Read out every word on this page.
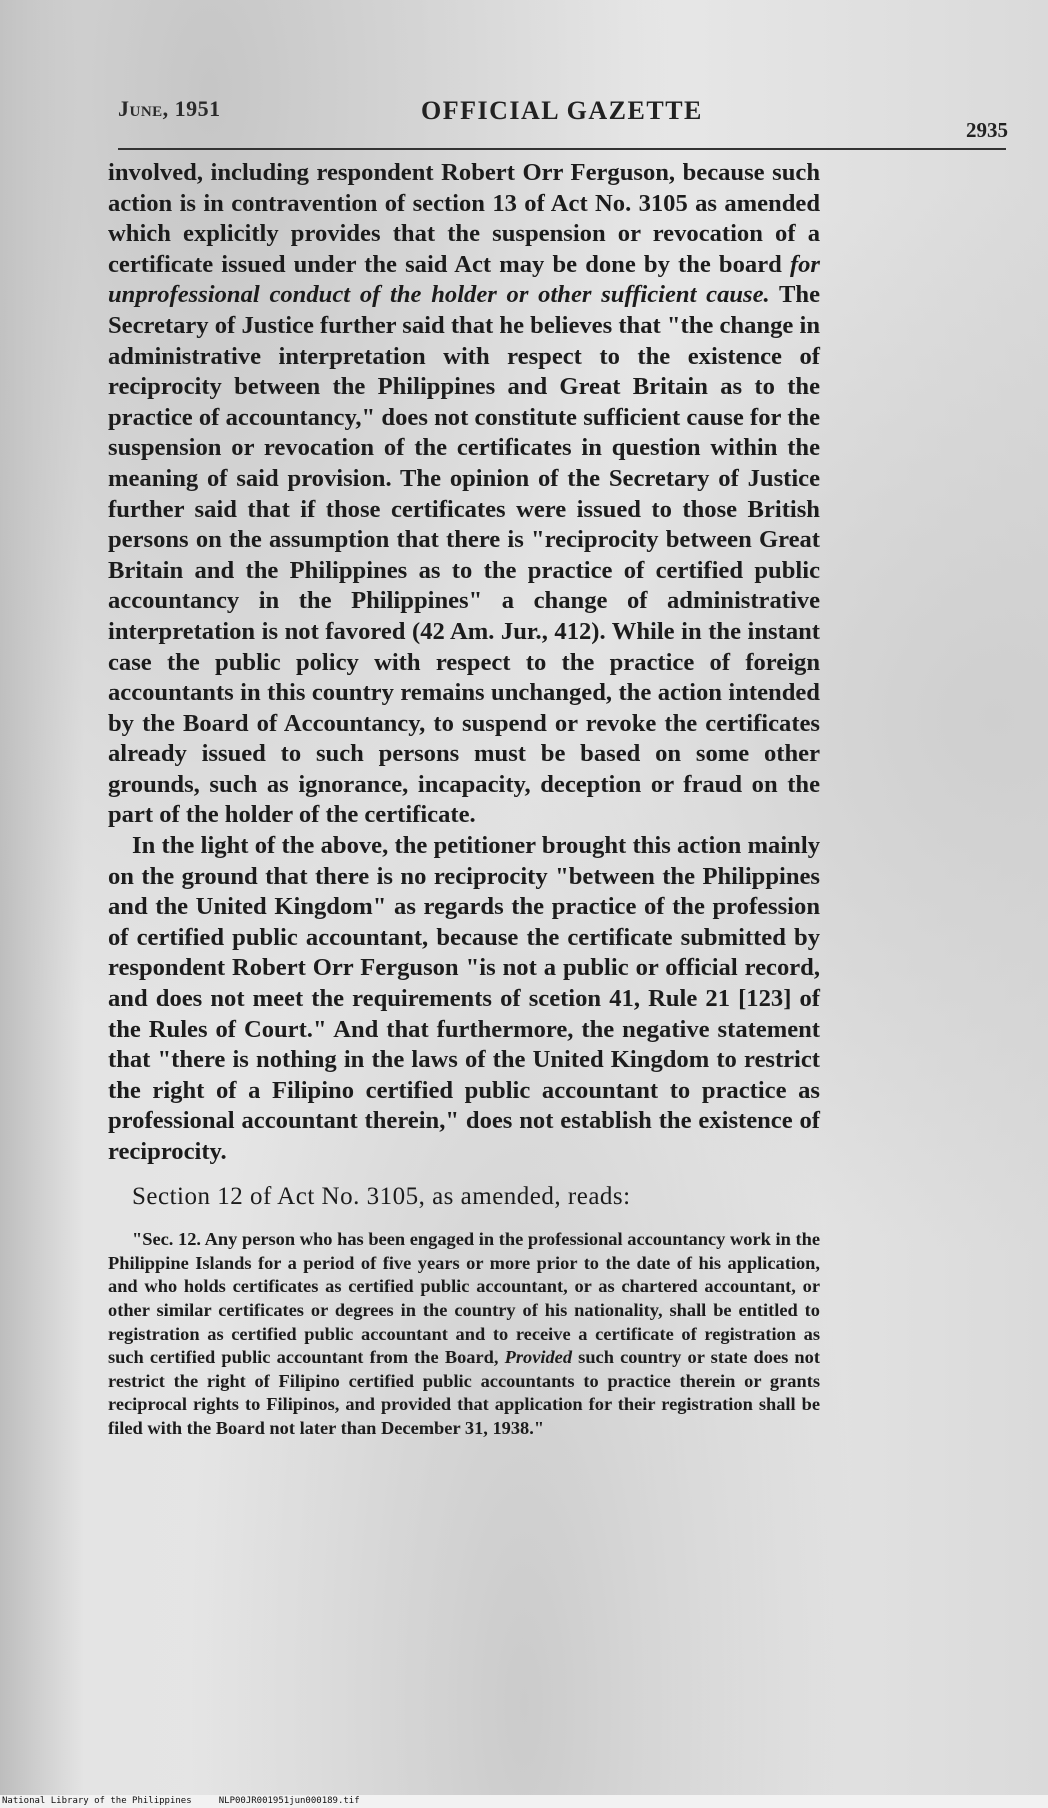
June, 1951	OFFICIAL GAZETTE
2935

involved, including respondent Robert Orr Ferguson, because such action is in contravention of section 13 of Act No. 3105 as amended which explicitly provides that the suspension or revocation of a certificate issued under the said Act may be done by the board for unprofessional conduct of the holder or other sufficient cause. The Secretary of Justice further said that he believes that "the change in administrative interpretation with respect to the existence of reciprocity between the Philippines and Great Britain as to the practice of accountancy," does not constitute sufficient cause for the suspension or revocation of the certificates in question within the meaning of said provision. The opinion of the Secretary of Justice further said that if those certificates were issued to those British persons on the assumption that there is "reciprocity between Great Britain and the Philippines as to the practice of certified public accountancy in the Philippines" a change of administrative interpretation is not favored (42 Am. Jur., 412). While in the instant case the public policy with respect to the practice of foreign accountants in this country remains unchanged, the action intended by the Board of Accountancy, to suspend or revoke the certificates already issued to such persons must be based on some other grounds, such as ignorance, incapacity, deception or fraud on the part of the holder of the certificate.

In the light of the above, the petitioner brought this action mainly on the ground that there is no reciprocity "between the Philippines and the United Kingdom" as regards the practice of the profession of certified public accountant, because the certificate submitted by respondent Robert Orr Ferguson "is not a public or official record, and does not meet the requirements of scetion 41, Rule 21 [123] of the Rules of Court." And that furthermore, the negative statement that "there is nothing in the laws of the United Kingdom to restrict the right of a Filipino certified public accountant to practice as professional accountant therein," does not establish the existence of reciprocity.

Section 12 of Act No. 3105, as amended, reads:

"Sec. 12. Any person who has been engaged in the professional accountancy work in the Philippine Islands for a period of five years or more prior to the date of his application, and who holds certificates as certified public accountant, or as chartered accountant, or other similar certificates or degrees in the country of his nationality, shall be entitled to registration as certified public accountant and to receive a certificate of registration as such certified public accountant from the Board, Provided such country or state does not restrict the right of Filipino certified public accountants to practice therein or grants reciprocal rights to Filipinos, and provided that application for their registration shall be filed with the Board not later than December 31, 1938."

National Library of the Philippines     NLP00JR001951jun000189.tif
